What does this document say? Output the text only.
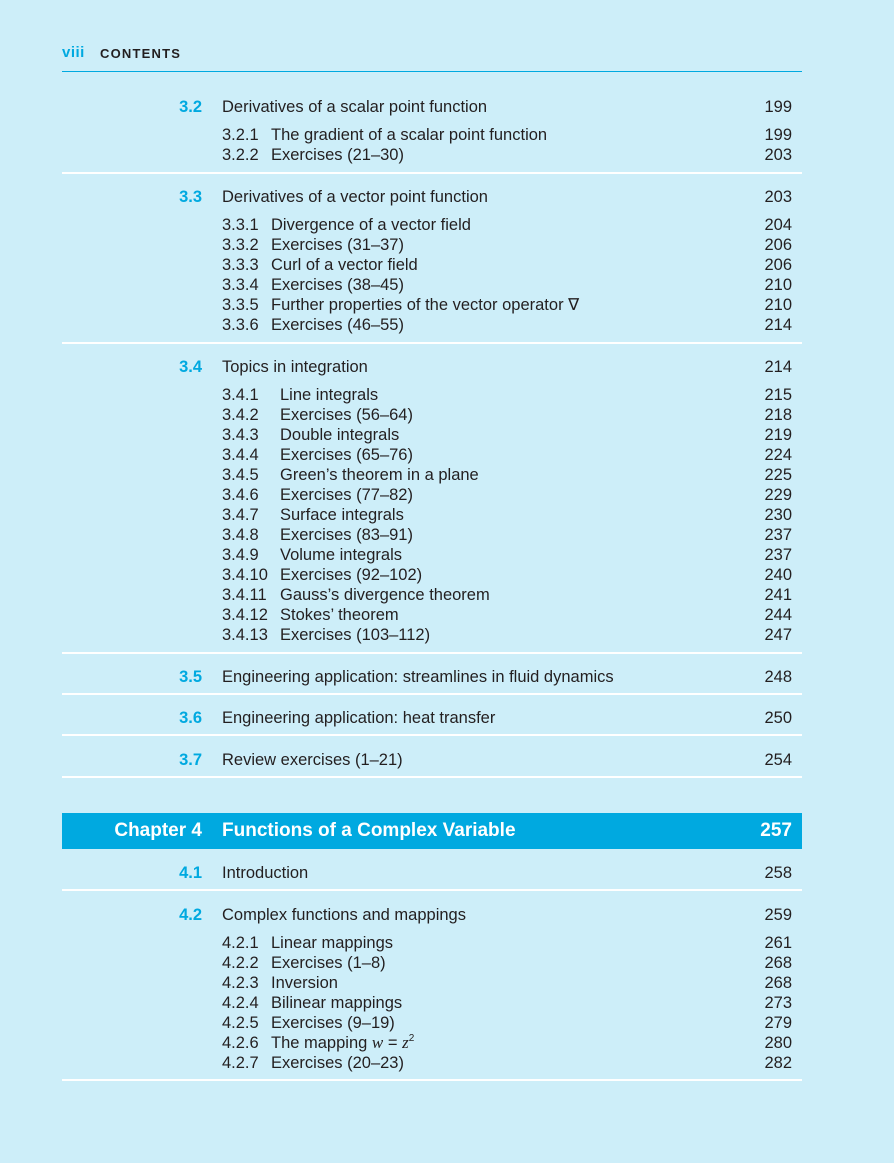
viii CONTENTS
3.2 Derivatives of a scalar point function	199
3.2.1 The gradient of a scalar point function	199
3.2.2 Exercises (21–30)	203
3.3 Derivatives of a vector point function	203
3.3.1 Divergence of a vector field	204
3.3.2 Exercises (31–37)	206
3.3.3 Curl of a vector field	206
3.3.4 Exercises (38–45)	210
3.3.5 Further properties of the vector operator ∇	210
3.3.6 Exercises (46–55)	214
3.4 Topics in integration	214
3.4.1 Line integrals	215
3.4.2 Exercises (56–64)	218
3.4.3 Double integrals	219
3.4.4 Exercises (65–76)	224
3.4.5 Green’s theorem in a plane	225
3.4.6 Exercises (77–82)	229
3.4.7 Surface integrals	230
3.4.8 Exercises (83–91)	237
3.4.9 Volume integrals	237
3.4.10 Exercises (92–102)	240
3.4.11 Gauss’s divergence theorem	241
3.4.12 Stokes’ theorem	244
3.4.13 Exercises (103–112)	247
3.5 Engineering application: streamlines in fluid dynamics	248
3.6 Engineering application: heat transfer	250
3.7 Review exercises (1–21)	254
Chapter 4 Functions of a Complex Variable	257
4.1 Introduction	258
4.2 Complex functions and mappings	259
4.2.1 Linear mappings	261
4.2.2 Exercises (1–8)	268
4.2.3 Inversion	268
4.2.4 Bilinear mappings	273
4.2.5 Exercises (9–19)	279
4.2.6 The mapping $w = z^2$	280
4.2.7 Exercises (20–23)	282
